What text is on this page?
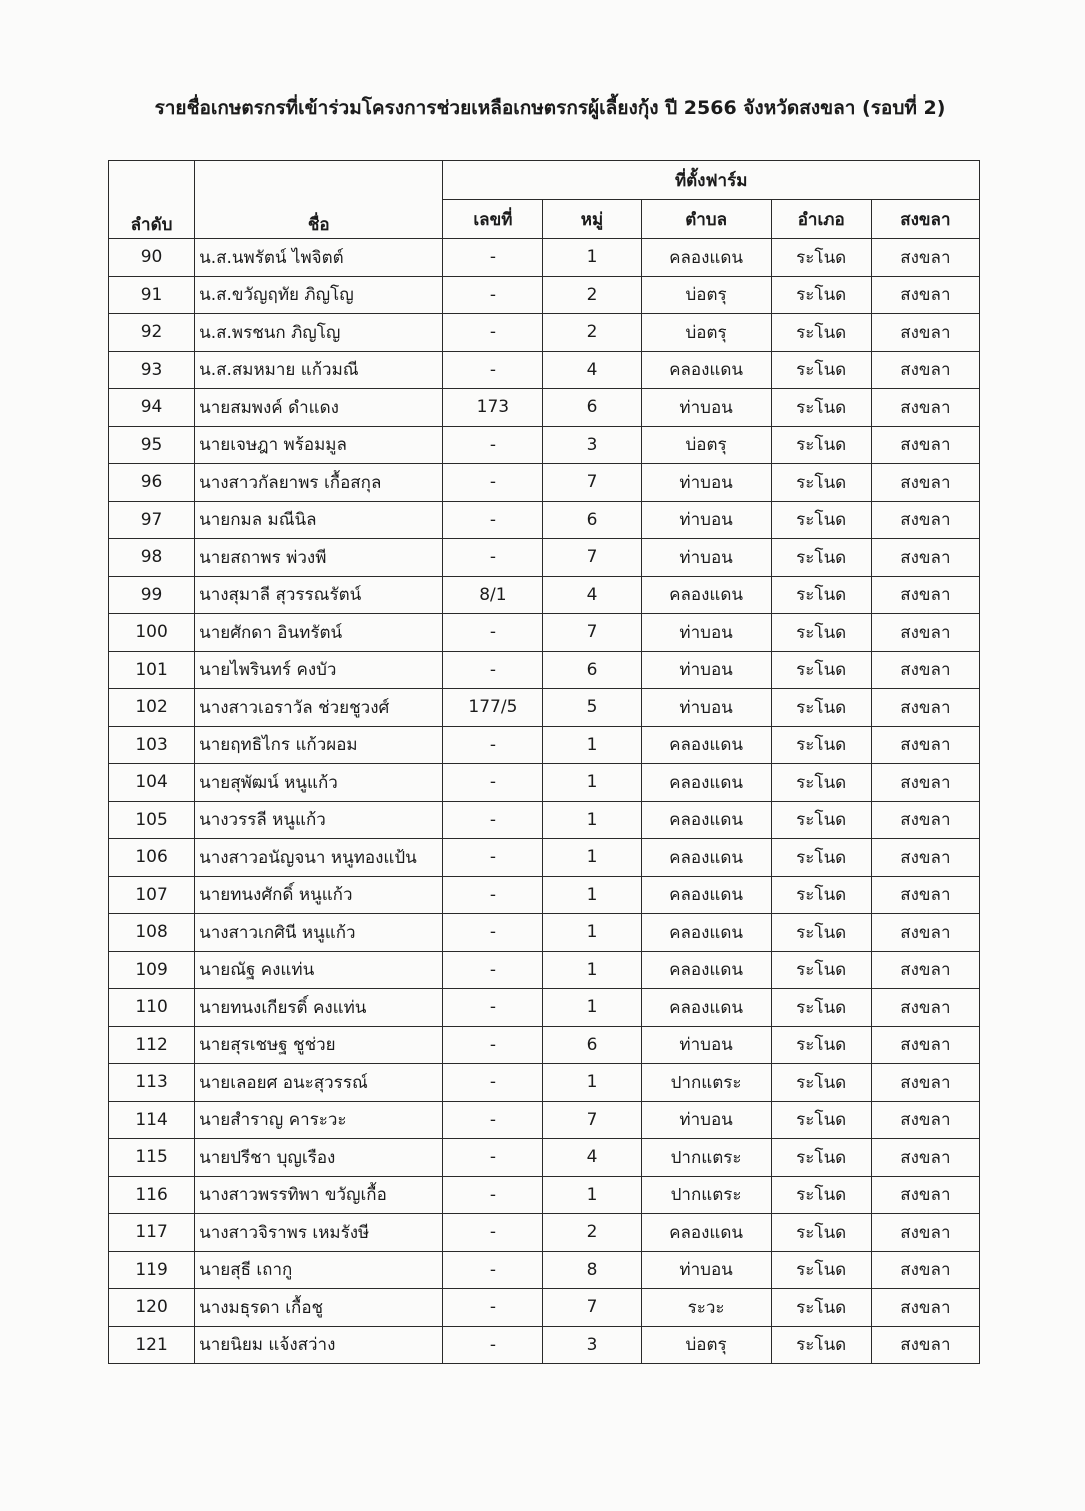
รายชื่อเกษตรกรที่เข้าร่วมโครงการช่วยเหลือเกษตรกรผู้เลี้ยงกุ้ง ปี 2566 จังหวัดสงขลา (รอบที่ 2)
ลำดับ	ชื่อ	ที่ตั้งฟาร์ม				
		เลขที่	หมู่	ตำบล	อำเภอ	สงขลา
90	น.ส.นพรัตน์ ไพจิตต์	-	1	คลองแดน	ระโนด	สงขลา
91	น.ส.ขวัญฤทัย ภิญโญ	-	2	บ่อตรุ	ระโนด	สงขลา
92	น.ส.พรชนก ภิญโญ	-	2	บ่อตรุ	ระโนด	สงขลา
93	น.ส.สมหมาย แก้วมณี	-	4	คลองแดน	ระโนด	สงขลา
94	นายสมพงค์ ดำแดง	173	6	ท่าบอน	ระโนด	สงขลา
95	นายเจษฎา พร้อมมูล	-	3	บ่อตรุ	ระโนด	สงขลา
96	นางสาวกัลยาพร เกื้อสกุล	-	7	ท่าบอน	ระโนด	สงขลา
97	นายกมล มณีนิล	-	6	ท่าบอน	ระโนด	สงขลา
98	นายสถาพร พ่วงพี	-	7	ท่าบอน	ระโนด	สงขลา
99	นางสุมาลี สุวรรณรัตน์	8/1	4	คลองแดน	ระโนด	สงขลา
100	นายศักดา อินทรัตน์	-	7	ท่าบอน	ระโนด	สงขลา
101	นายไพรินทร์ คงบัว	-	6	ท่าบอน	ระโนด	สงขลา
102	นางสาวเอราวัล ช่วยชูวงศ์	177/5	5	ท่าบอน	ระโนด	สงขลา
103	นายฤทธิไกร แก้วผอม	-	1	คลองแดน	ระโนด	สงขลา
104	นายสุพัฒน์ หนูแก้ว	-	1	คลองแดน	ระโนด	สงขลา
105	นางวรรลี หนูแก้ว	-	1	คลองแดน	ระโนด	สงขลา
106	นางสาวอนัญจนา หนูทองแป้น	-	1	คลองแดน	ระโนด	สงขลา
107	นายทนงศักดิ์ หนูแก้ว	-	1	คลองแดน	ระโนด	สงขลา
108	นางสาวเกศินี หนูแก้ว	-	1	คลองแดน	ระโนด	สงขลา
109	นายณัฐ คงแท่น	-	1	คลองแดน	ระโนด	สงขลา
110	นายทนงเกียรติ์ คงแท่น	-	1	คลองแดน	ระโนด	สงขลา
112	นายสุรเชษฐ ชูช่วย	-	6	ท่าบอน	ระโนด	สงขลา
113	นายเลอยศ อนะสุวรรณ์	-	1	ปากแตระ	ระโนด	สงขลา
114	นายสำราญ คาระวะ	-	7	ท่าบอน	ระโนด	สงขลา
115	นายปรีชา บุญเรือง	-	4	ปากแตระ	ระโนด	สงขลา
116	นางสาวพรรทิพา ขวัญเกื้อ	-	1	ปากแตระ	ระโนด	สงขลา
117	นางสาวจิราพร เหมรังษี	-	2	คลองแดน	ระโนด	สงขลา
119	นายสุธี เถากู	-	8	ท่าบอน	ระโนด	สงขลา
120	นางมธุรดา เกื้อชู	-	7	ระวะ	ระโนด	สงขลา
121	นายนิยม แจ้งสว่าง	-	3	บ่อตรุ	ระโนด	สงขลา
